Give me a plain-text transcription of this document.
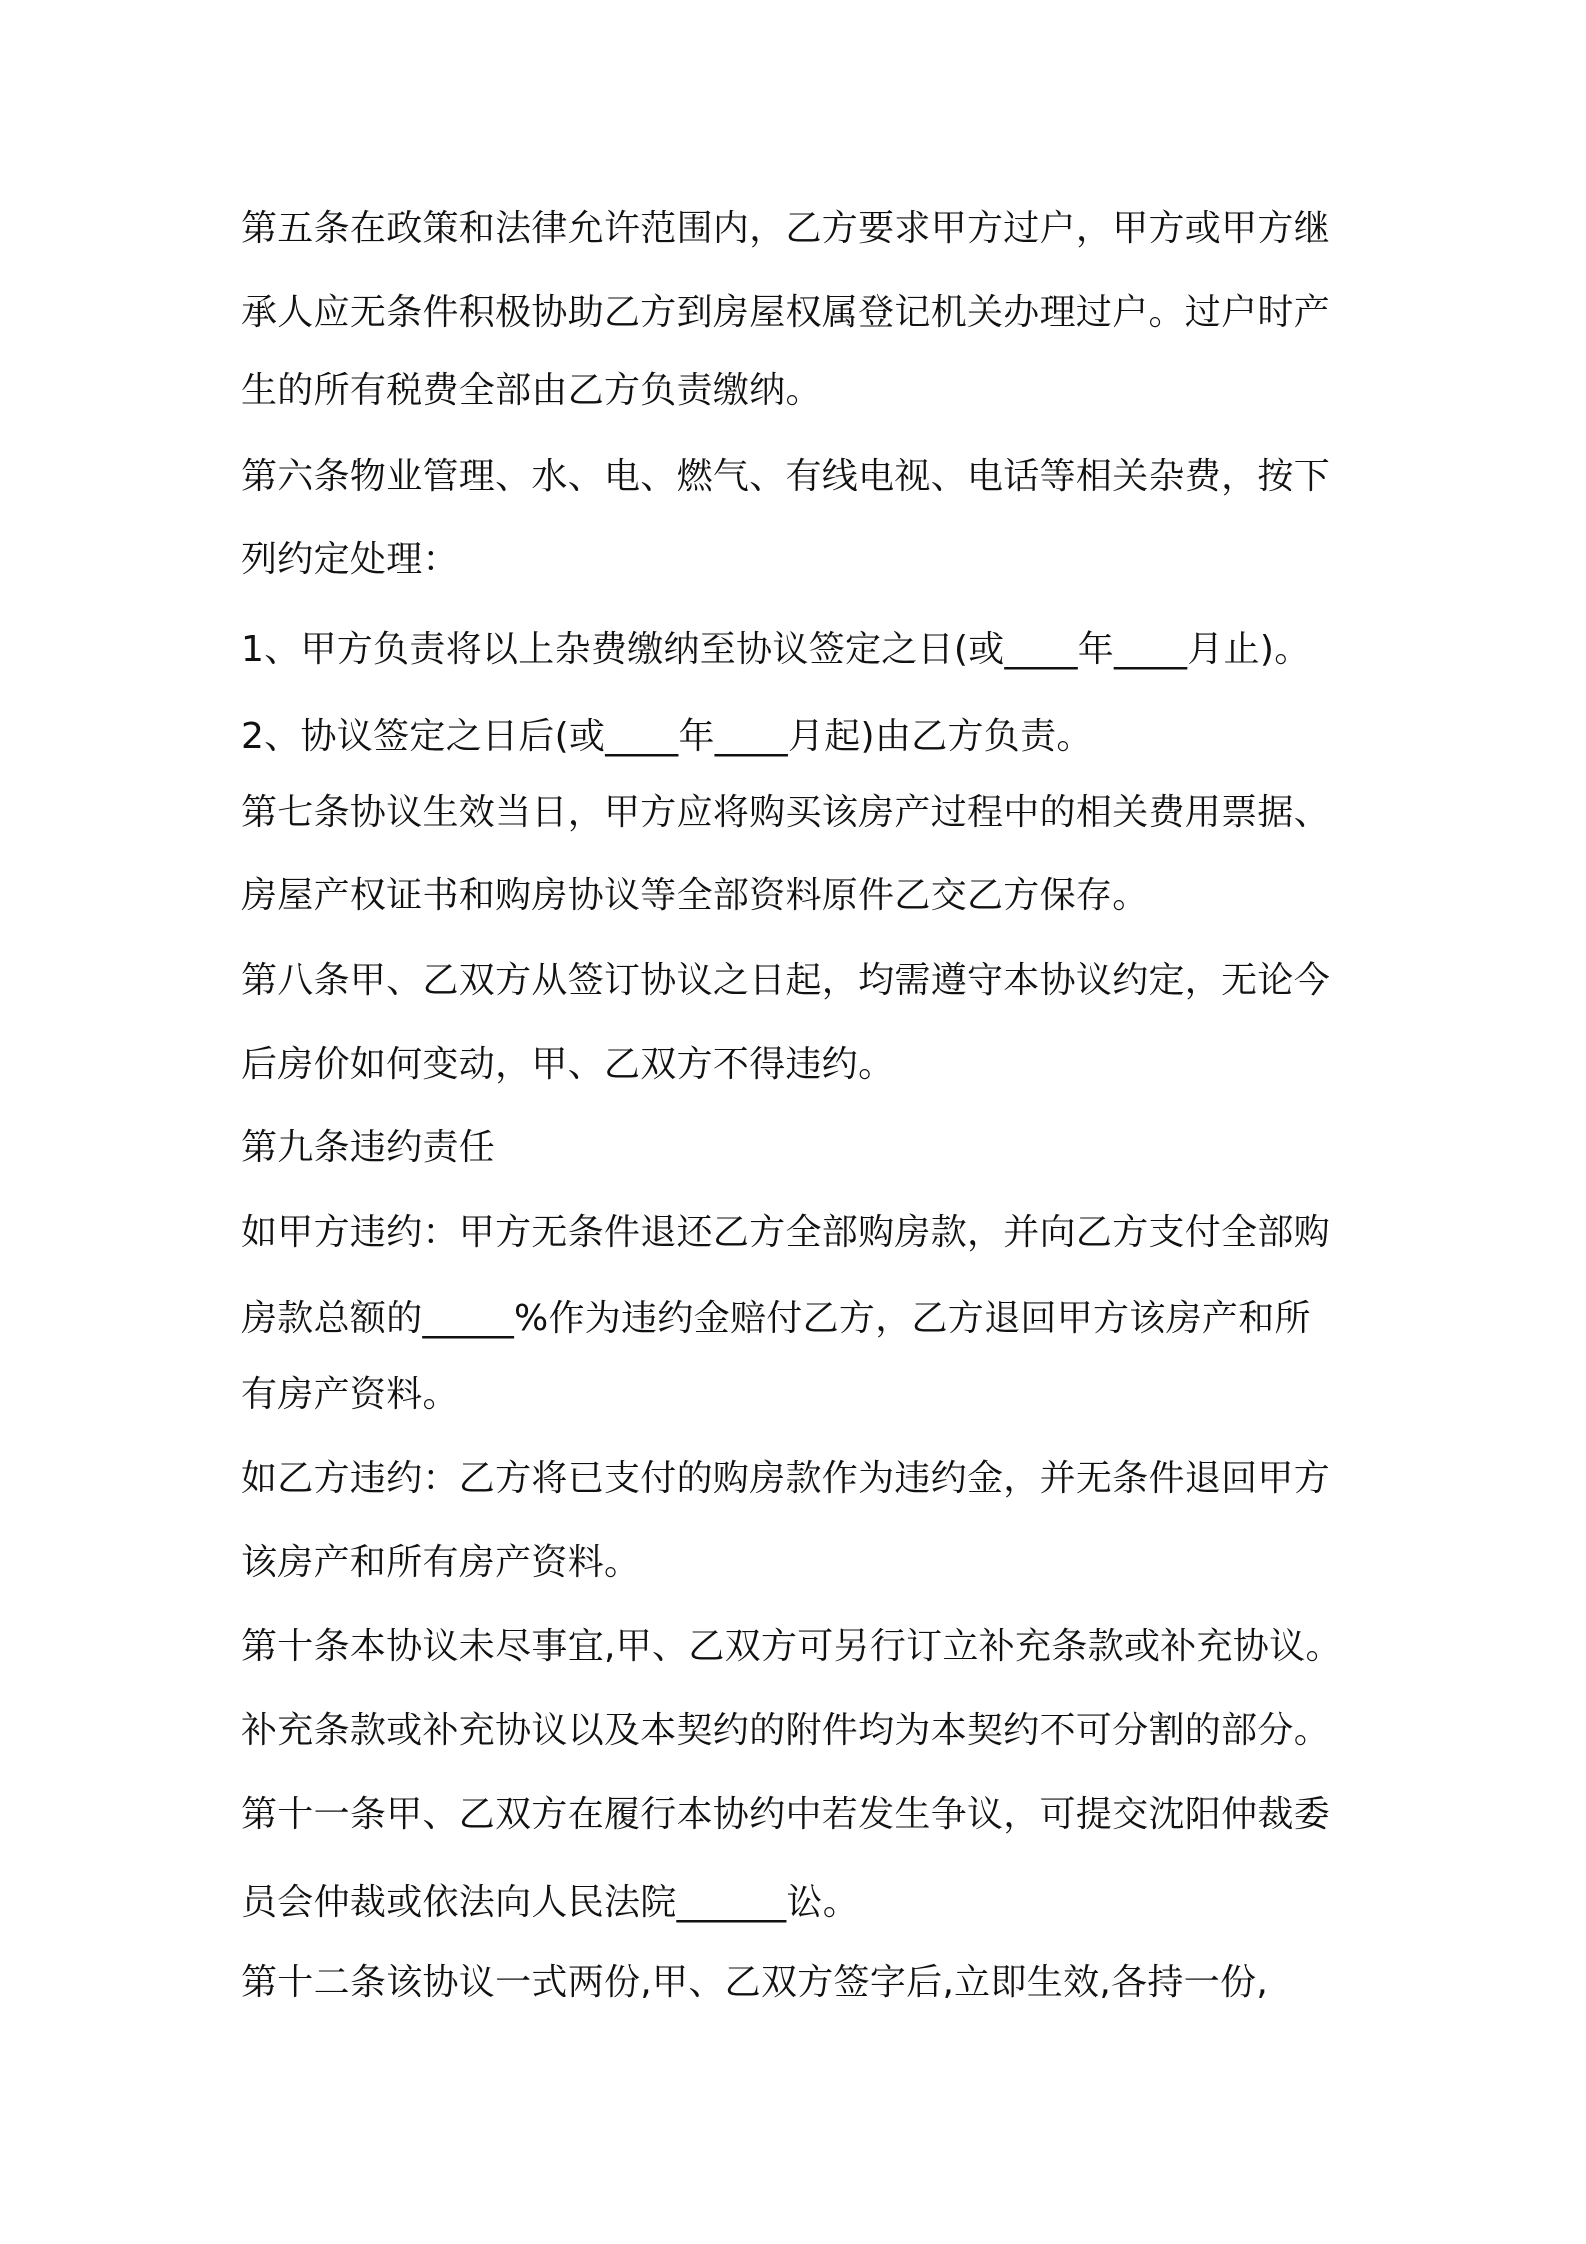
第五条在政策和法律允许范围内，乙方要求甲方过户，甲方或甲方继

承人应无条件积极协助乙方到房屋权属登记机关办理过户。过户时产

生的所有税费全部由乙方负责缴纳。

第六条物业管理、水、电、燃气、有线电视、电话等相关杂费，按下

列约定处理：

1、甲方负责将以上杂费缴纳至协议签定之日(或____年____月止)。

2、协议签定之日后(或____年____月起)由乙方负责。

第七条协议生效当日，甲方应将购买该房产过程中的相关费用票据、

房屋产权证书和购房协议等全部资料原件乙交乙方保存。

第八条甲、乙双方从签订协议之日起，均需遵守本协议约定，无论今

后房价如何变动，甲、乙双方不得违约。

第九条违约责任

如甲方违约：甲方无条件退还乙方全部购房款，并向乙方支付全部购

房款总额的_____%作为违约金赔付乙方，乙方退回甲方该房产和所

有房产资料。

如乙方违约：乙方将已支付的购房款作为违约金，并无条件退回甲方

该房产和所有房产资料。

第十条本协议未尽事宜,甲、乙双方可另行订立补充条款或补充协议。

补充条款或补充协议以及本契约的附件均为本契约不可分割的部分。

第十一条甲、乙双方在履行本协约中若发生争议，可提交沈阳仲裁委

员会仲裁或依法向人民法院______讼。

第十二条该协议一式两份,甲、乙双方签字后,立即生效,各持一份,
